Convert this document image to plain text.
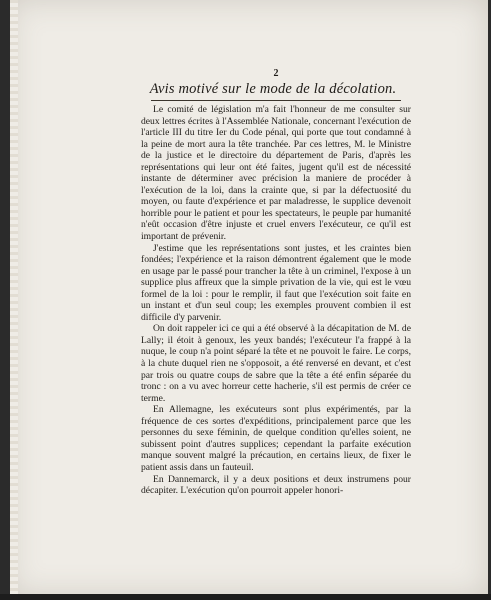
2
Avis motivé sur le mode de la décolation.

Le comité de législation m'a fait l'honneur de me consulter sur deux lettres écrites à l'Assemblée Nationale, concernant l'exécution de l'article III du titre Ier du Code pénal, qui porte que tout condamné à la peine de mort aura la tête tranchée. Par ces lettres, M. le Ministre de la justice et le directoire du département de Paris, d'après les représentations qui leur ont été faites, jugent qu'il est de nécessité instante de déterminer avec précision la maniere de procéder à l'exécution de la loi, dans la crainte que, si par la défectuosité du moyen, ou faute d'expérience et par maladresse, le supplice devenoit horrible pour le patient et pour les spectateurs, le peuple par humanité n'eût occasion d'être injuste et cruel envers l'exécuteur, ce qu'il est important de prévenir.

J'estime que les représentations sont justes, et les craintes bien fondées; l'expérience et la raison démontrent également que le mode en usage par le passé pour trancher la tête à un criminel, l'expose à un supplice plus affreux que la simple privation de la vie, qui est le vœu formel de la loi : pour le remplir, il faut que l'exécution soit faite en un instant et d'un seul coup; les exemples prouvent combien il est difficile d'y parvenir.

On doit rappeler ici ce qui a été observé à la décapitation de M. de Lally; il étoit à genoux, les yeux bandés; l'exécuteur l'a frappé à la nuque, le coup n'a point séparé la tête et ne pouvoit le faire. Le corps, à la chute duquel rien ne s'opposoit, a été renversé en devant, et c'est par trois ou quatre coups de sabre que la tête a été enfin séparée du tronc : on a vu avec horreur cette hacherie, s'il est permis de créer ce terme.

En Allemagne, les exécuteurs sont plus expérimentés, par la fréquence de ces sortes d'expéditions, principalement parce que les personnes du sexe féminin, de quelque condition qu'elles soient, ne subissent point d'autres supplices; cependant la parfaite exécution manque souvent malgré la précaution, en certains lieux, de fixer le patient assis dans un fauteuil.

En Dannemarck, il y a deux positions et deux instrumens pour décapiter. L'exécution qu'on pourroit appeler honori-
